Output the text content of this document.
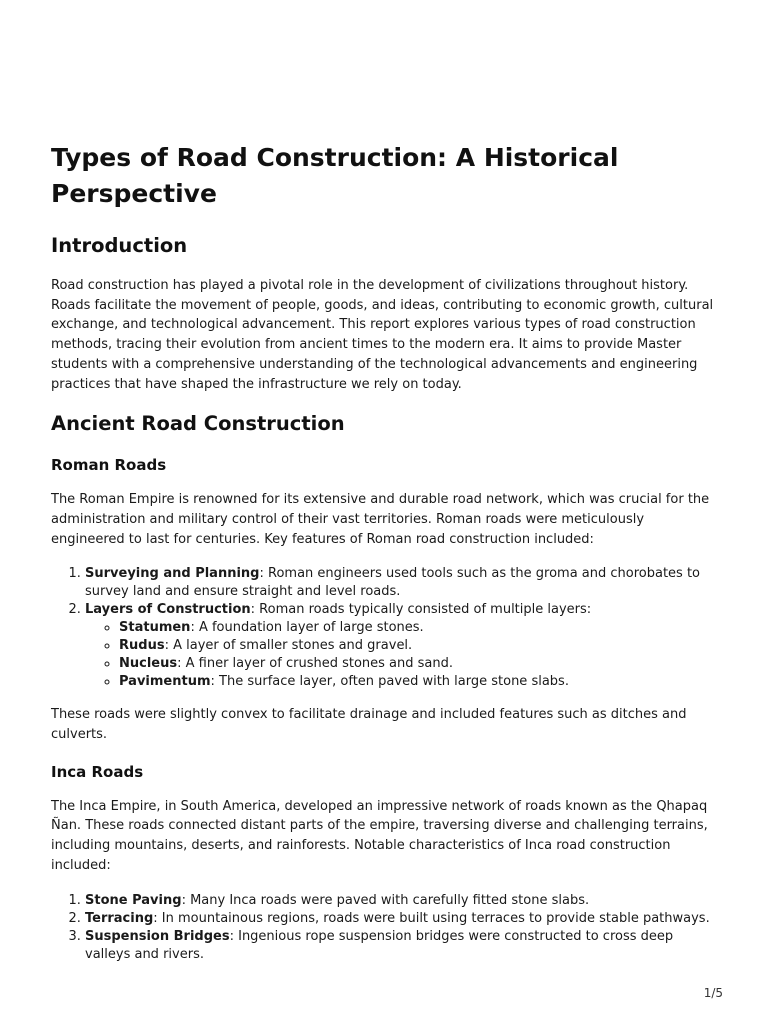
Types of Road Construction: A Historical Perspective
Introduction

Road construction has played a pivotal role in the development of civilizations throughout history. Roads facilitate the movement of people, goods, and ideas, contributing to economic growth, cultural exchange, and technological advancement. This report explores various types of road construction methods, tracing their evolution from ancient times to the modern era. It aims to provide Master students with a comprehensive understanding of the technological advancements and engineering practices that have shaped the infrastructure we rely on today.

Ancient Road Construction
Roman Roads

The Roman Empire is renowned for its extensive and durable road network, which was crucial for the administration and military control of their vast territories. Roman roads were meticulously engineered to last for centuries. Key features of Roman road construction included:

1. Surveying and Planning: Roman engineers used tools such as the groma and chorobates to survey land and ensure straight and level roads.
2. Layers of Construction: Roman roads typically consisted of multiple layers:
◦ Statumen: A foundation layer of large stones.
◦ Rudus: A layer of smaller stones and gravel.
◦ Nucleus: A finer layer of crushed stones and sand.
◦ Pavimentum: The surface layer, often paved with large stone slabs.

These roads were slightly convex to facilitate drainage and included features such as ditches and culverts.

Inca Roads

The Inca Empire, in South America, developed an impressive network of roads known as the Qhapaq Ñan. These roads connected distant parts of the empire, traversing diverse and challenging terrains, including mountains, deserts, and rainforests. Notable characteristics of Inca road construction included:

1. Stone Paving: Many Inca roads were paved with carefully fitted stone slabs.
2. Terracing: In mountainous regions, roads were built using terraces to provide stable pathways.
3. Suspension Bridges: Ingenious rope suspension bridges were constructed to cross deep valleys and rivers.
1/5
